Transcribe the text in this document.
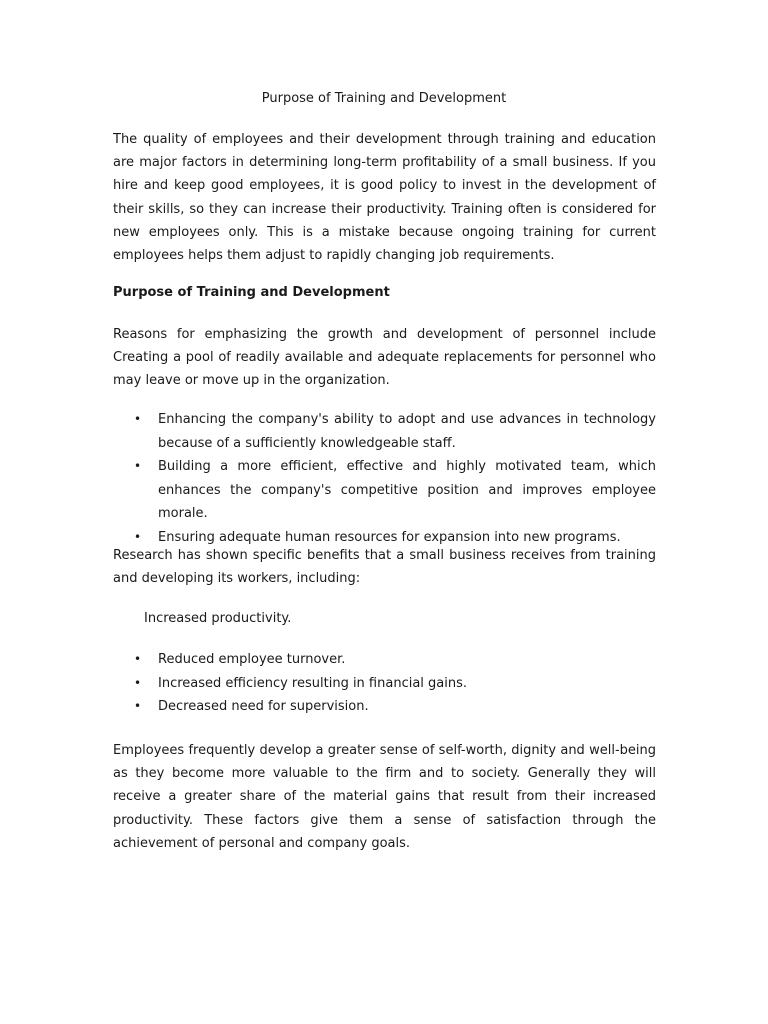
Purpose of Training and Development

The quality of employees and their development through training and education are major factors in determining long-term profitability of a small business. If you hire and keep good employees, it is good policy to invest in the development of their skills, so they can increase their productivity. Training often is considered for new employees only. This is a mistake because ongoing training for current employees helps them adjust to rapidly changing job requirements.

Purpose of Training and Development

Reasons for emphasizing the growth and development of personnel include Creating a pool of readily available and adequate replacements for personnel who may leave or move up in the organization.

• Enhancing the company's ability to adopt and use advances in technology because of a sufficiently knowledgeable staff.
• Building a more efficient, effective and highly motivated team, which enhances the company's competitive position and improves employee morale.
• Ensuring adequate human resources for expansion into new programs.

Research has shown specific benefits that a small business receives from training and developing its workers, including:

Increased productivity.

• Reduced employee turnover.
• Increased efficiency resulting in financial gains.
• Decreased need for supervision.

Employees frequently develop a greater sense of self-worth, dignity and well-being as they become more valuable to the firm and to society. Generally they will receive a greater share of the material gains that result from their increased productivity. These factors give them a sense of satisfaction through the achievement of personal and company goals.
